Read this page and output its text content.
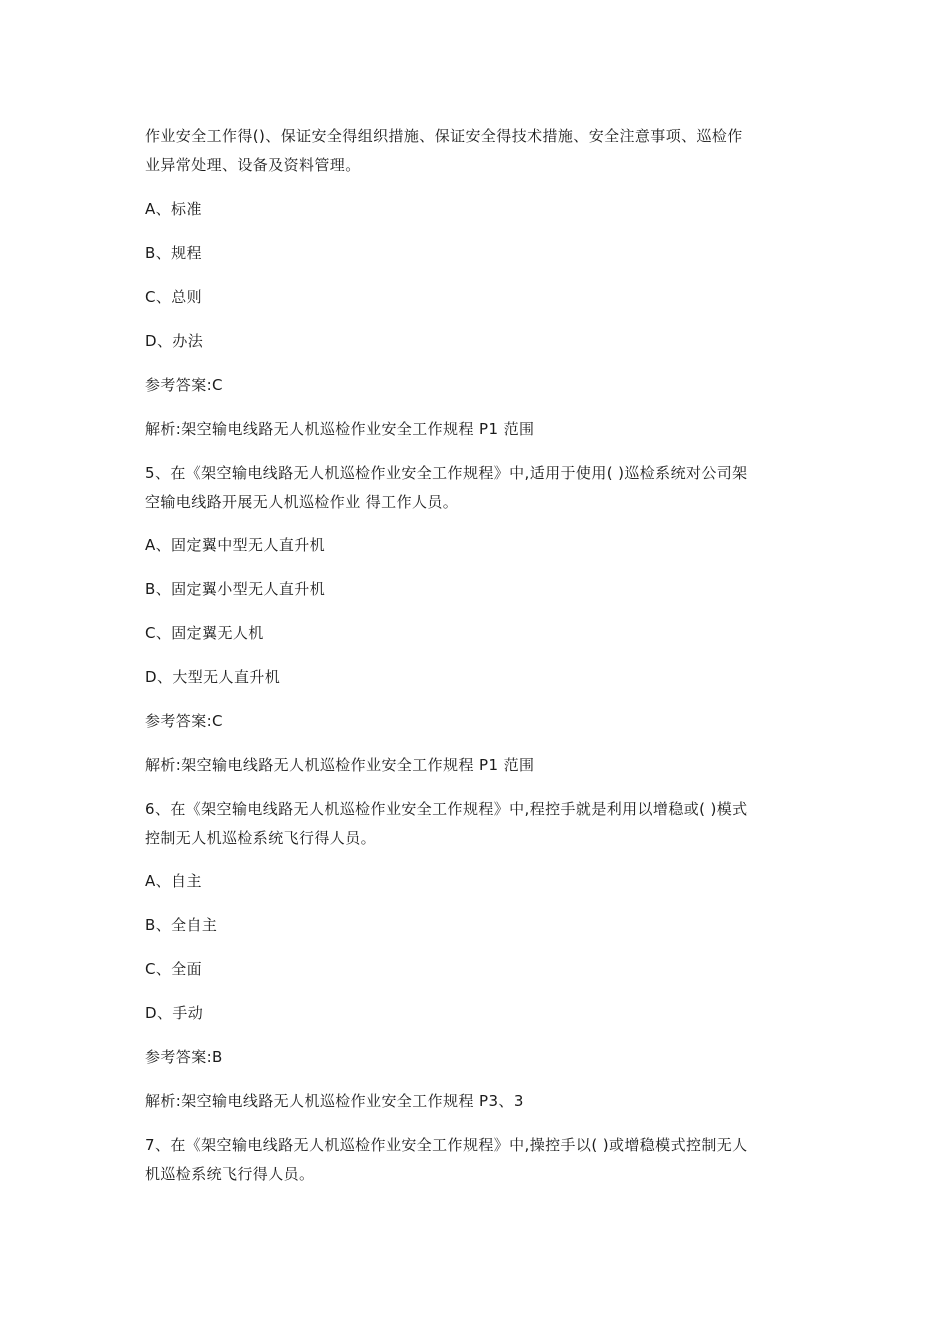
作业安全工作得()、保证安全得组织措施、保证安全得技术措施、安全注意事项、巡检作
业异常处理、设备及资料管理。
A、标准
B、规程
C、总则
D、办法
参考答案:C
解析:架空输电线路无人机巡检作业安全工作规程 P1 范围
5、在《架空输电线路无人机巡检作业安全工作规程》中,适用于使用( )巡检系统对公司架
空输电线路开展无人机巡检作业 得工作人员。
A、固定翼中型无人直升机
B、固定翼小型无人直升机
C、固定翼无人机
D、大型无人直升机
参考答案:C
解析:架空输电线路无人机巡检作业安全工作规程 P1 范围
6、在《架空输电线路无人机巡检作业安全工作规程》中,程控手就是利用以增稳或( )模式
控制无人机巡检系统飞行得人员。
A、自主
B、全自主
C、全面
D、手动
参考答案:B
解析:架空输电线路无人机巡检作业安全工作规程 P3、3
7、在《架空输电线路无人机巡检作业安全工作规程》中,操控手以( )或增稳模式控制无人
机巡检系统飞行得人员。
